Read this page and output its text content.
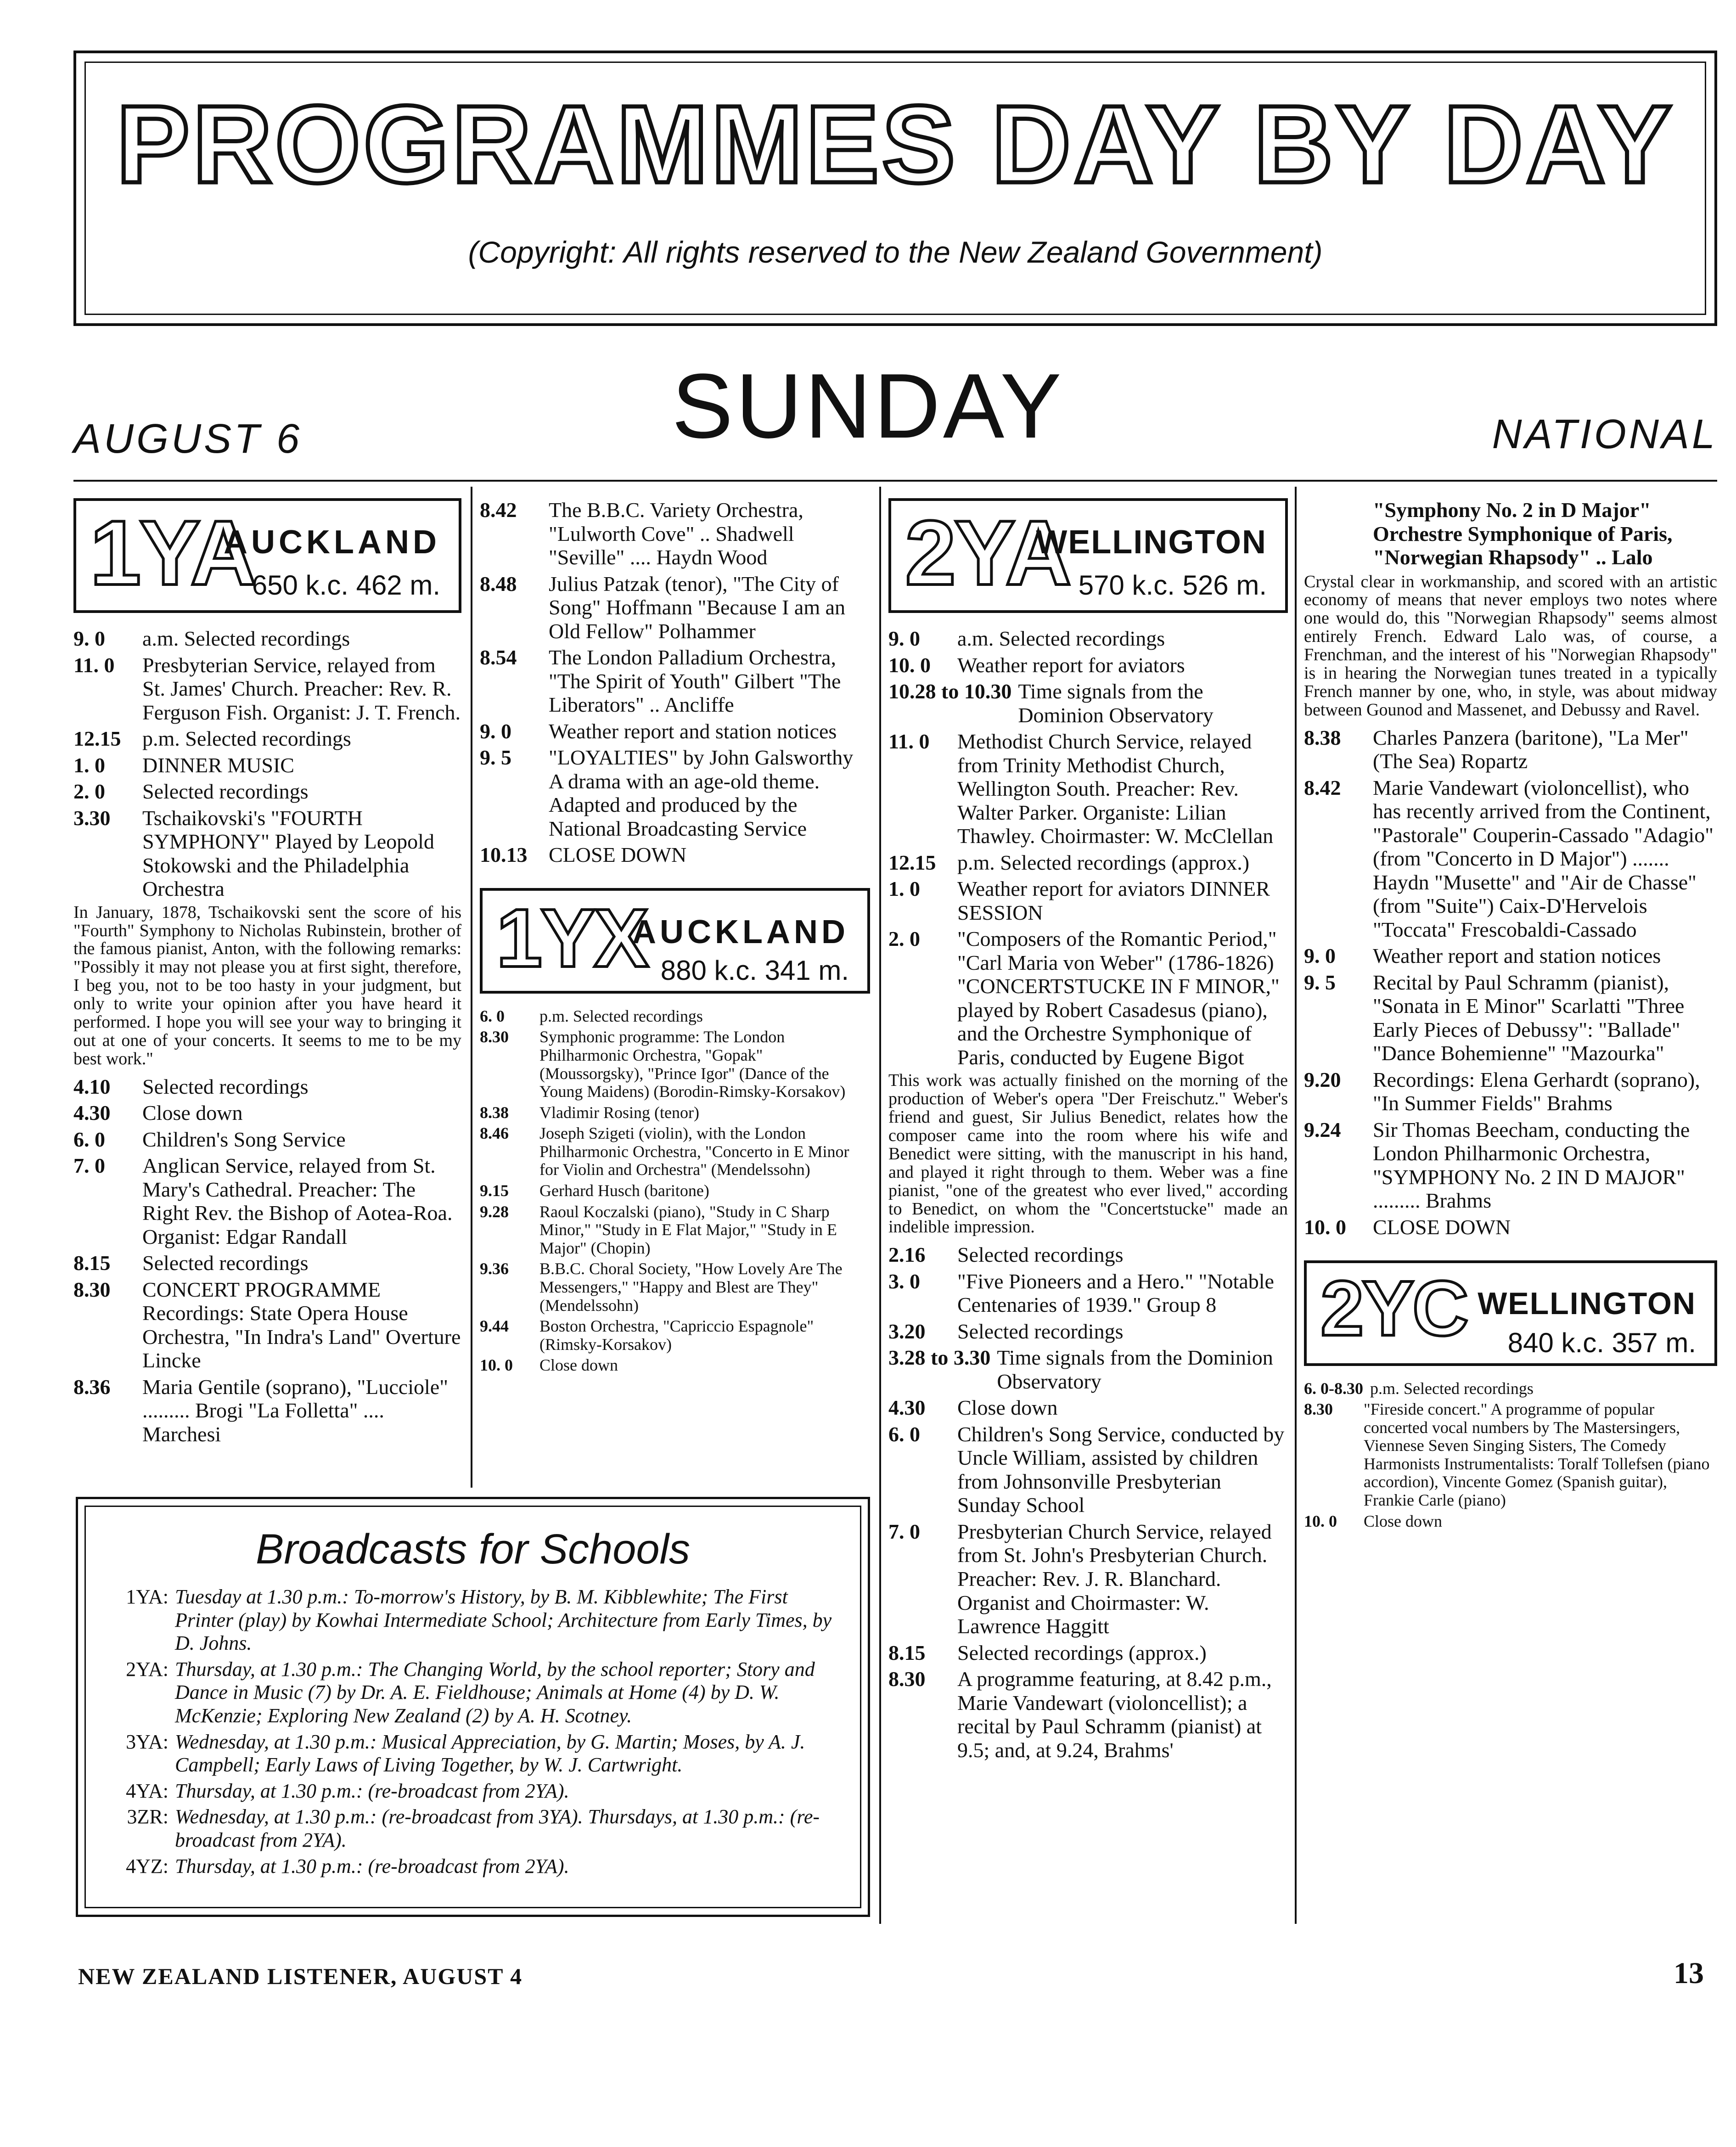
PROGRAMMES DAY BY DAY
(Copyright: All rights reserved to the New Zealand Government)
SUNDAY
AUGUST 6	NATIONAL
1YA
AUCKLAND
650 k.c. 462 m.
9. 0	a.m. Selected recordings
11. 0	Presbyterian Service, relayed from St. James' Church. Preacher: Rev. R. Ferguson Fish. Organist: J. T. French.
12.15	p.m. Selected recordings
1. 0	DINNER MUSIC
2. 0	Selected recordings
3.30	Tschaikovski's "FOURTH SYMPHONY" Played by Leopold Stokowski and the Philadelphia Orchestra
In January, 1878, Tschaikovski sent the score of his "Fourth" Symphony to Nicholas Rubinstein, brother of the famous pianist, Anton, with the following remarks: "Possibly it may not please you at first sight, therefore, I beg you, not to be too hasty in your judgment, but only to write your opinion after you have heard it performed. I hope you will see your way to bringing it out at one of your concerts. It seems to me to be my best work."
4.10	Selected recordings
4.30	Close down
6. 0	Children's Song Service
7. 0	Anglican Service, relayed from St. Mary's Cathedral. Preacher: The Right Rev. the Bishop of Aotea-Roa. Organist: Edgar Randall
8.15	Selected recordings
8.30	CONCERT PROGRAMME Recordings: State Opera House Orchestra, "In Indra's Land" Overture Lincke
8.36	Maria Gentile (soprano), "Lucciole" ......... Brogi "La Folletta" .... Marchesi
8.42	The B.B.C. Variety Orchestra, "Lulworth Cove" .. Shadwell "Seville" .... Haydn Wood
8.48	Julius Patzak (tenor), "The City of Song" Hoffmann "Because I am an Old Fellow" Polhammer
8.54	The London Palladium Orchestra, "The Spirit of Youth" Gilbert "The Liberators" .. Ancliffe
9. 0	Weather report and station notices
9. 5	"LOYALTIES" by John Galsworthy A drama with an age-old theme. Adapted and produced by the National Broadcasting Service
10.13	CLOSE DOWN
1YX
AUCKLAND
880 k.c. 341 m.
6. 0	p.m. Selected recordings
8.30	Symphonic programme: The London Philharmonic Orchestra, "Gopak" (Moussorgsky), "Prince Igor" (Dance of the Young Maidens) (Borodin-Rimsky-Korsakov)
8.38	Vladimir Rosing (tenor)
8.46	Joseph Szigeti (violin), with the London Philharmonic Orchestra, "Concerto in E Minor for Violin and Orchestra" (Mendelssohn)
9.15	Gerhard Husch (baritone)
9.28	Raoul Koczalski (piano), "Study in C Sharp Minor," "Study in E Flat Major," "Study in E Major" (Chopin)
9.36	B.B.C. Choral Society, "How Lovely Are The Messengers," "Happy and Blest are They" (Mendelssohn)
9.44	Boston Orchestra, "Capriccio Espagnole" (Rimsky-Korsakov)
10. 0	Close down
Broadcasts for Schools
1YA: Tuesday at 1.30 p.m.: To-morrow's History, by B. M. Kibblewhite; The First Printer (play) by Kowhai Intermediate School; Architecture from Early Times, by D. Johns.
2YA: Thursday, at 1.30 p.m.: The Changing World, by the school reporter; Story and Dance in Music (7) by Dr. A. E. Fieldhouse; Animals at Home (4) by D. W. McKenzie; Exploring New Zealand (2) by A. H. Scotney.
3YA: Wednesday, at 1.30 p.m.: Musical Appreciation, by G. Martin; Moses, by A. J. Campbell; Early Laws of Living Together, by W. J. Cartwright.
4YA: Thursday, at 1.30 p.m.: (re-broadcast from 2YA).
3ZR: Wednesday, at 1.30 p.m.: (re-broadcast from 3YA). Thursdays, at 1.30 p.m.: (re-broadcast from 2YA).
4YZ: Thursday, at 1.30 p.m.: (re-broadcast from 2YA).
2YA
WELLINGTON
570 k.c. 526 m.
9. 0	a.m. Selected recordings
10. 0	Weather report for aviators
10.28 to 10.30 Time signals from the Dominion Observatory
11. 0	Methodist Church Service, relayed from Trinity Methodist Church, Wellington South. Preacher: Rev. Walter Parker. Organiste: Lilian Thawley. Choirmaster: W. McClellan
12.15	p.m. Selected recordings (approx.)
1. 0	Weather report for aviators DINNER SESSION
2. 0	"Composers of the Romantic Period," "Carl Maria von Weber" (1786-1826) "CONCERTSTUCKE IN F MINOR," played by Robert Casadesus (piano), and the Orchestre Symphonique of Paris, conducted by Eugene Bigot
This work was actually finished on the morning of the production of Weber's opera "Der Freischutz." Weber's friend and guest, Sir Julius Benedict, relates how the composer came into the room where his wife and Benedict were sitting, with the manuscript in his hand, and played it right through to them. Weber was a fine pianist, "one of the greatest who ever lived," according to Benedict, on whom the "Concertstucke" made an indelible impression.
2.16	Selected recordings
3. 0	"Five Pioneers and a Hero." "Notable Centenaries of 1939." Group 8
3.20	Selected recordings
3.28 to 3.30 Time signals from the Dominion Observatory
4.30	Close down
6. 0	Children's Song Service, conducted by Uncle William, assisted by children from Johnsonville Presbyterian Sunday School
7. 0	Presbyterian Church Service, relayed from St. John's Presbyterian Church. Preacher: Rev. J. R. Blanchard. Organist and Choirmaster: W. Lawrence Haggitt
8.15	Selected recordings (approx.)
8.30	A programme featuring, at 8.42 p.m., Marie Vandewart (violoncellist); a recital by Paul Schramm (pianist) at 9.5; and, at 9.24, Brahms'
"Symphony No. 2 in D Major" Orchestre Symphonique of Paris, "Norwegian Rhapsody" .. Lalo
Crystal clear in workmanship, and scored with an artistic economy of means that never employs two notes where one would do, this "Norwegian Rhapsody" seems almost entirely French. Edward Lalo was, of course, a Frenchman, and the interest of his "Norwegian Rhapsody" is in hearing the Norwegian tunes treated in a typically French manner by one, who, in style, was about midway between Gounod and Massenet, and Debussy and Ravel.
8.38	Charles Panzera (baritone), "La Mer" (The Sea) Ropartz
8.42	Marie Vandewart (violoncellist), who has recently arrived from the Continent, "Pastorale" Couperin-Cassado "Adagio" (from "Concerto in D Major") ....... Haydn "Musette" and "Air de Chasse" (from "Suite") Caix-D'Hervelois "Toccata" Frescobaldi-Cassado
9. 0	Weather report and station notices
9. 5	Recital by Paul Schramm (pianist), "Sonata in E Minor" Scarlatti "Three Early Pieces of Debussy": "Ballade" "Dance Bohemienne" "Mazourka"
9.20	Recordings: Elena Gerhardt (soprano), "In Summer Fields" Brahms
9.24	Sir Thomas Beecham, conducting the London Philharmonic Orchestra, "SYMPHONY No. 2 IN D MAJOR" ......... Brahms
10. 0	CLOSE DOWN
2YC WELLINGTON
840 k.c. 357 m.
6. 0-8.30 p.m. Selected recordings
8.30	"Fireside concert." A programme of popular concerted vocal numbers by The Mastersingers, Viennese Seven Singing Sisters, The Comedy Harmonists Instrumentalists: Toralf Tollefsen (piano accordion), Vincente Gomez (Spanish guitar), Frankie Carle (piano)
10. 0	Close down
NEW ZEALAND LISTENER, AUGUST 4	13
